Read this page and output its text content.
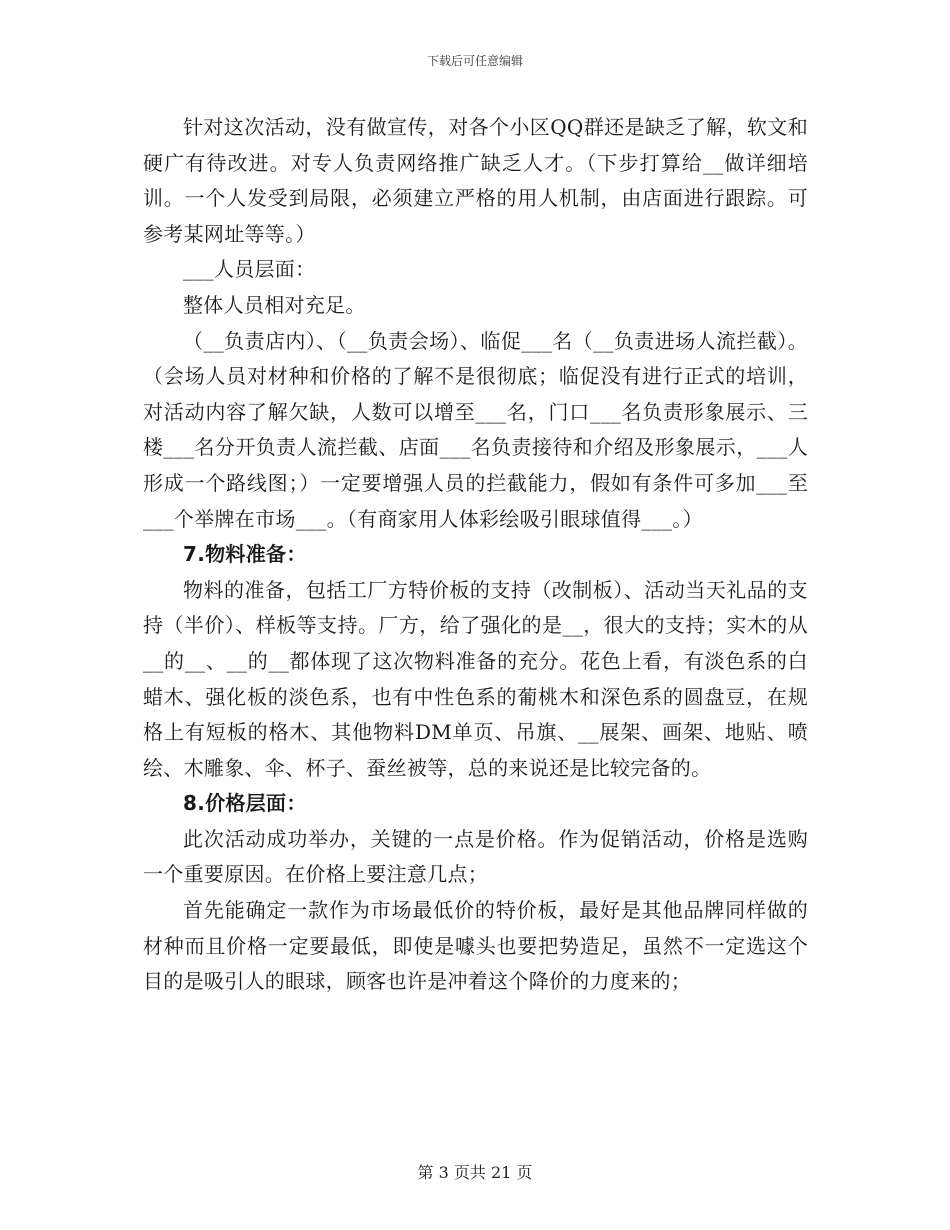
下载后可任意编辑

针对这次活动，没有做宣传，对各个小区QQ群还是缺乏了解，软文和硬广有待改进。对专人负责网络推广缺乏人才。（下步打算给__做详细培训。一个人发受到局限，必须建立严格的用人机制，由店面进行跟踪。可参考某网址等等。）

___人员层面：

整体人员相对充足。

（__负责店内）、（__负责会场）、临促___名（__负责进场人流拦截）。（会场人员对材种和价格的了解不是很彻底；临促没有进行正式的培训，对活动内容了解欠缺，人数可以增至___名，门口___名负责形象展示、三楼___名分开负责人流拦截、店面___名负责接待和介绍及形象展示，___人形成一个路线图；）一定要增强人员的拦截能力，假如有条件可多加___至___个举牌在市场___。（有商家用人体彩绘吸引眼球值得___。）

7.物料准备：

物料的准备，包括工厂方特价板的支持（改制板）、活动当天礼品的支持（半价）、样板等支持。厂方，给了强化的是__，很大的支持；实木的从__的__、__的__都体现了这次物料准备的充分。花色上看，有淡色系的白蜡木、强化板的淡色系，也有中性色系的葡桃木和深色系的圆盘豆，在规格上有短板的格木、其他物料DM单页、吊旗、__展架、画架、地贴、喷绘、木雕象、伞、杯子、蚕丝被等，总的来说还是比较完备的。

8.价格层面：

此次活动成功举办，关键的一点是价格。作为促销活动，价格是选购一个重要原因。在价格上要注意几点；

首先能确定一款作为市场最低价的特价板，最好是其他品牌同样做的材种而且价格一定要最低，即使是噱头也要把势造足，虽然不一定选这个目的是吸引人的眼球，顾客也许是冲着这个降价的力度来的；

第 3 页共 21 页
